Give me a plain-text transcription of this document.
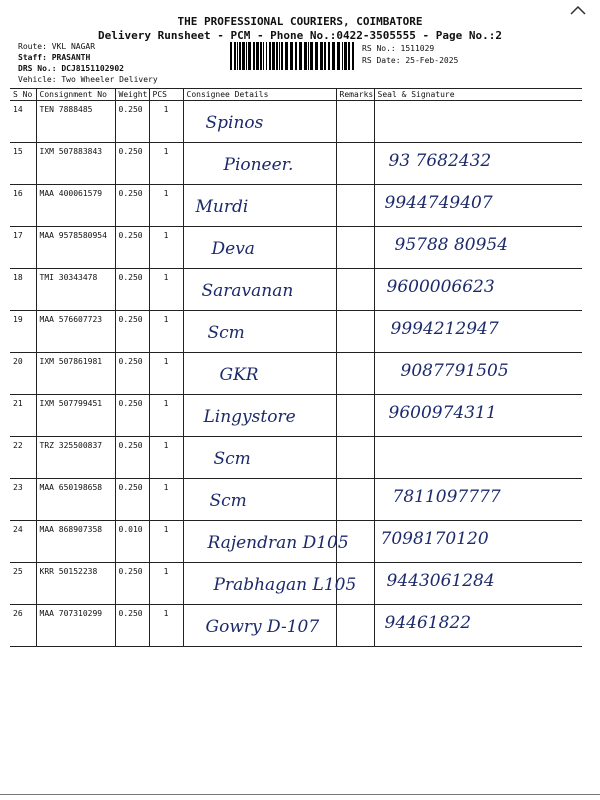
THE PROFESSIONAL COURIERS, COIMBATORE
Delivery Runsheet - PCM - Phone No.:0422-3505555 - Page No.:2
Route: VKL NAGAR
Staff: PRASANTH
DRS No.: DCJ8151102902
Vehicle: Two Wheeler Delivery
RS No.: 1511029
RS Date: 25-Feb-2025
S No	Consignment No	Weight	PCS	Consignee Details	Remarks	Seal & Signature
14	TEN 7888485	0.250	1	Spinos		

15	IXM 507883843	0.250	1	Pioneer.		93 7682432

16	MAA 400061579	0.250	1	Murdi		9944749407

17	MAA 9578580954	0.250	1	Deva		95788 80954

18	TMI 30343478	0.250	1	Saravanan		9600006623

19	MAA 576607723	0.250	1	Scm		9994212947

20	IXM 507861981	0.250	1	GKR		9087791505

21	IXM 507799451	0.250	1	Lingystore		9600974311

22	TRZ 325500837	0.250	1	Scm		

23	MAA 650198658	0.250	1	Scm		7811097777

24	MAA 868907358	0.010	1	Rajendran D105		7098170120

25	KRR 50152238	0.250	1	Prabhagan L105		9443061284

26	MAA 707310299	0.250	1	Gowry D-107		94461822
